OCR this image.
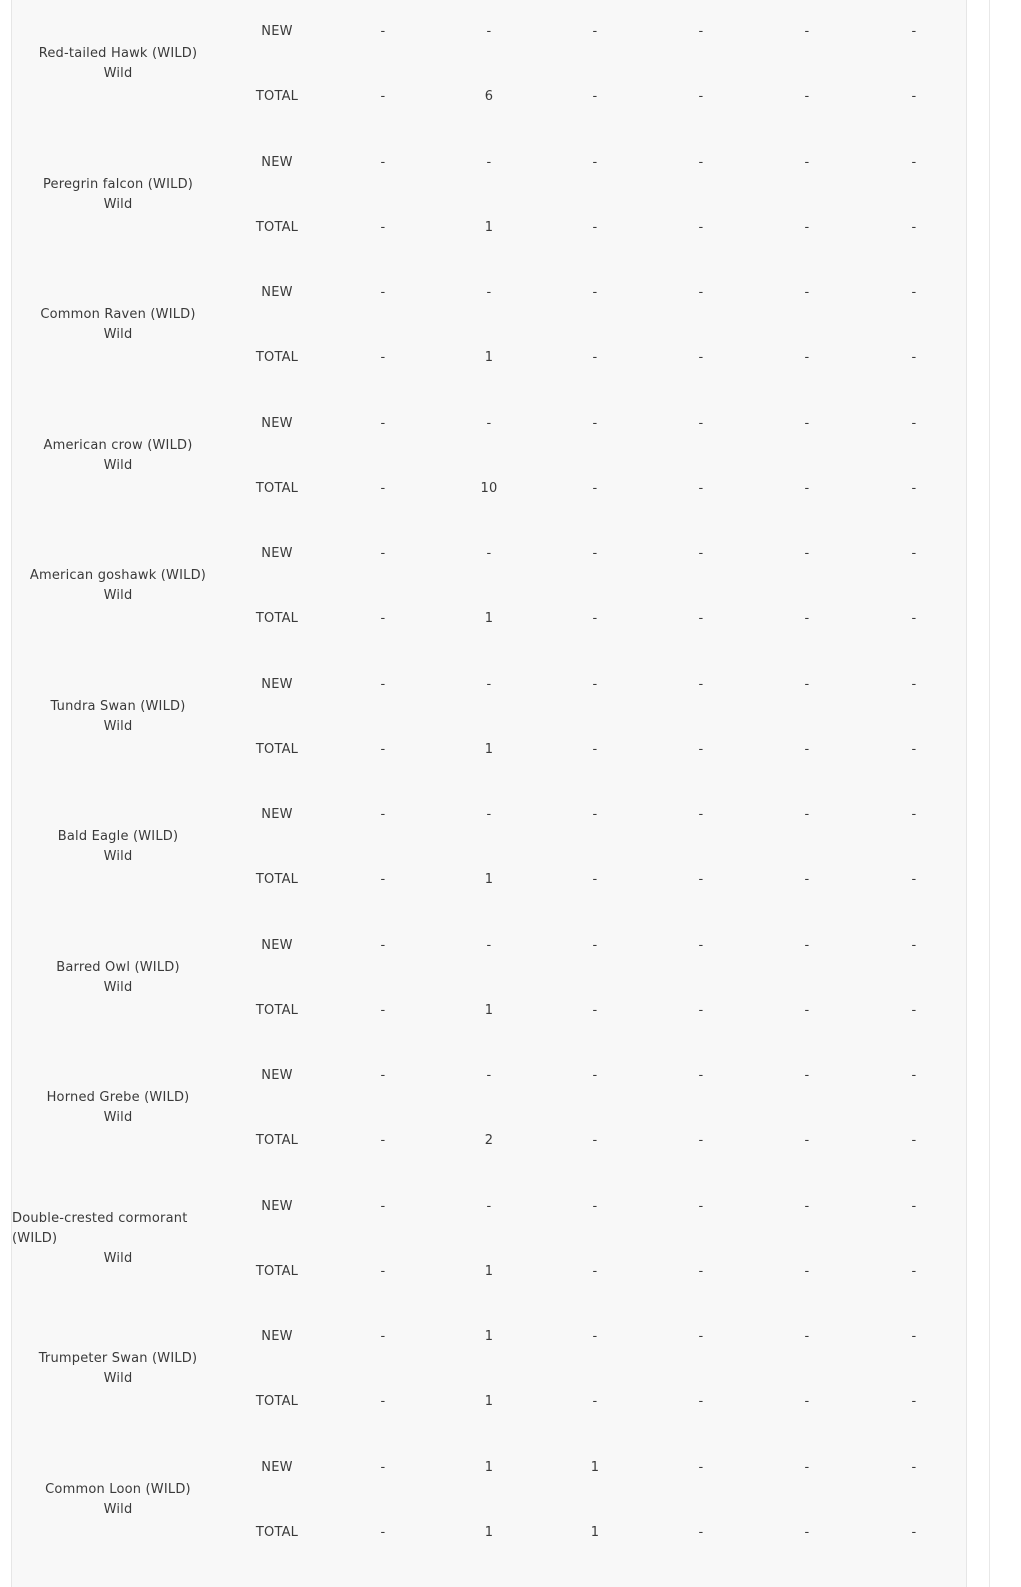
Red-tailed Hawk (WILD)
Wild	NEW	-	-	-	-	-	-
	TOTAL	-	6	-	-	-	-

Peregrin falcon (WILD)
Wild	NEW	-	-	-	-	-	-
	TOTAL	-	1	-	-	-	-

Common Raven (WILD)
Wild	NEW	-	-	-	-	-	-
	TOTAL	-	1	-	-	-	-

American crow (WILD)
Wild	NEW	-	-	-	-	-	-
	TOTAL	-	10	-	-	-	-

American goshawk (WILD)
Wild	NEW	-	-	-	-	-	-
	TOTAL	-	1	-	-	-	-

Tundra Swan (WILD)
Wild	NEW	-	-	-	-	-	-
	TOTAL	-	1	-	-	-	-

Bald Eagle (WILD)
Wild	NEW	-	-	-	-	-	-
	TOTAL	-	1	-	-	-	-

Barred Owl (WILD)
Wild	NEW	-	-	-	-	-	-
	TOTAL	-	1	-	-	-	-

Horned Grebe (WILD)
Wild	NEW	-	-	-	-	-	-
	TOTAL	-	2	-	-	-	-

Double-crested cormorant (WILD)
Wild	NEW	-	-	-	-	-	-
	TOTAL	-	1	-	-	-	-

Trumpeter Swan (WILD)
Wild	NEW	-	1	-	-	-	-
	TOTAL	-	1	-	-	-	-

Common Loon (WILD)
Wild	NEW	-	1	1	-	-	-
	TOTAL	-	1	1	-	-	-
